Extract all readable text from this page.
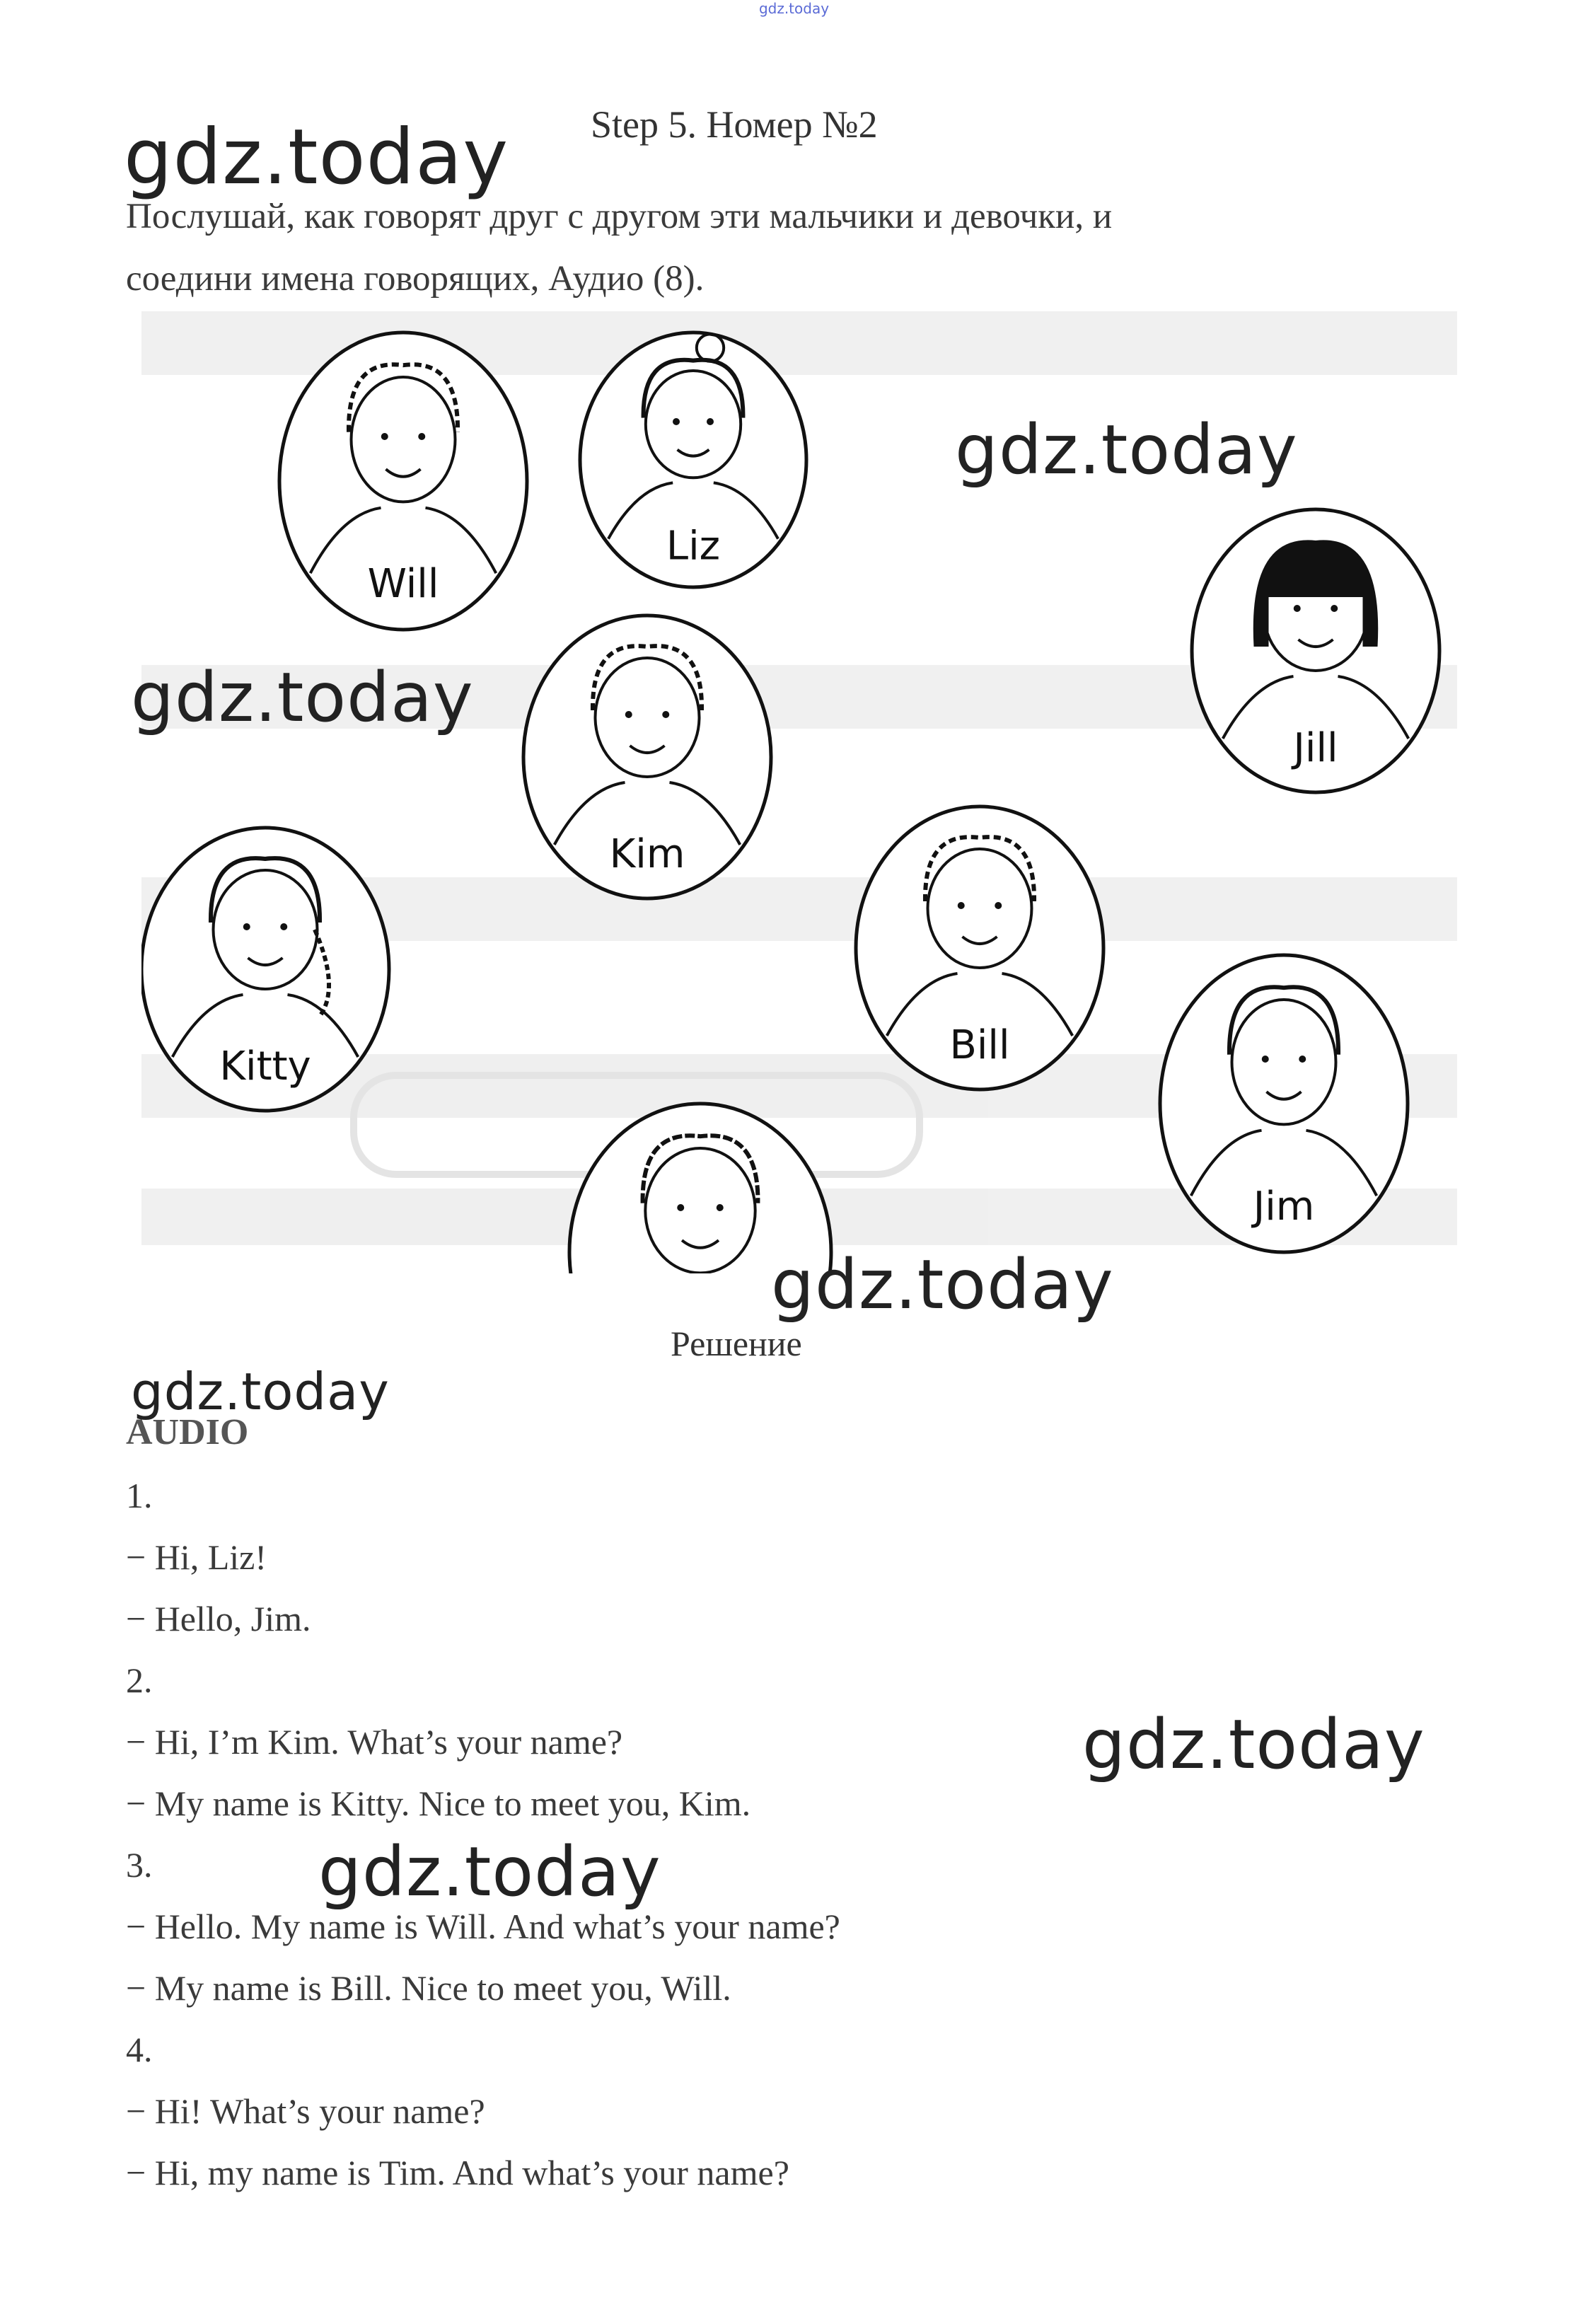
gdz.today
Step 5. Номер №2
Послушай, как говорят друг с другом эти мальчики и девочки, и
соедини имена говорящих, Аудио (8).
Will
Liz
Jill
Kim
Kitty	Bill
Jim
gdz.today
gdz.today
gdz.today
gdz.today
gdz.today
gdz.today
gdz.today
Решение
AUDIO
1.
− Hi, Liz!
− Hello, Jim.
2.
− Hi, I’m Kim. What’s your name?
− My name is Kitty. Nice to meet you, Kim.
3.
− Hello. My name is Will. And what’s your name?
− My name is Bill. Nice to meet you, Will.
4.
− Hi! What’s your name?
− Hi, my name is Tim. And what’s your name?
